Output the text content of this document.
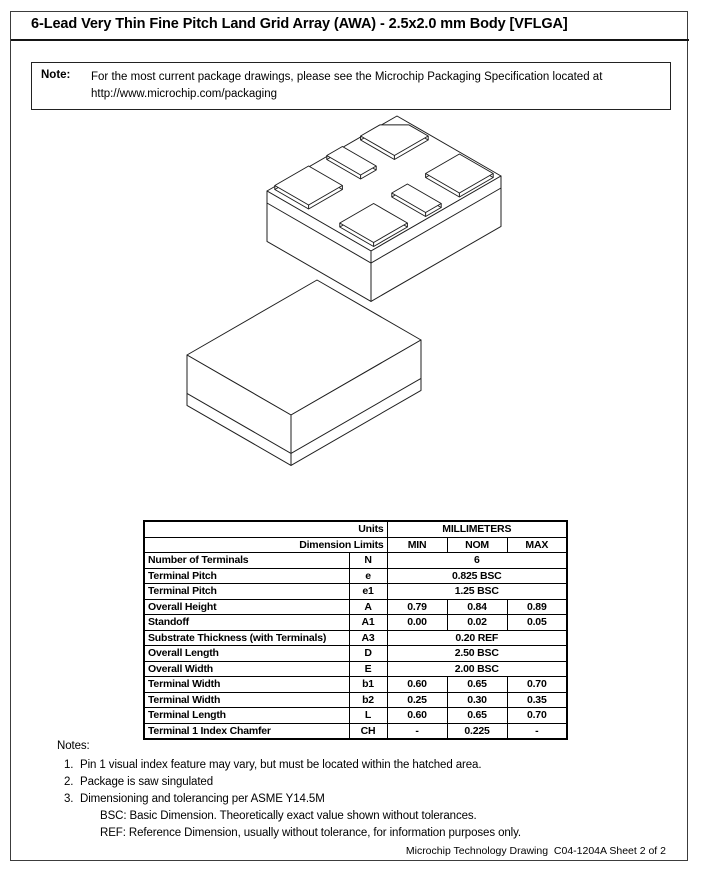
6-Lead Very Thin Fine Pitch Land Grid Array (AWA) - 2.5x2.0 mm Body [VFLGA]
Note:	For the most current package drawings, please see the Microchip Packaging Specification located at
http://www.microchip.com/packaging
Units		MILLIMETERS		
Dimension Limits		MIN	NOM	MAX
Number of Terminals	N	6		
Terminal Pitch	e	0.825 BSC		
Terminal Pitch	e1	1.25 BSC		
Overall Height	A	0.79	0.84	0.89
Standoff	A1	0.00	0.02	0.05
Substrate Thickness (with Terminals)	A3	0.20 REF		
Overall Length	D	2.50 BSC		
Overall Width	E	2.00 BSC		
Terminal Width	b1	0.60	0.65	0.70
Terminal Width	b2	0.25	0.30	0.35
Terminal Length	L	0.60	0.65	0.70
Terminal 1 Index Chamfer	CH	-	0.225	-
Notes:
1. Pin 1 visual index feature may vary, but must be located within the hatched area.
2. Package is saw singulated
3. Dimensioning and tolerancing per ASME Y14.5M
BSC: Basic Dimension. Theoretically exact value shown without tolerances.
REF: Reference Dimension, usually without tolerance, for information purposes only.
Microchip Technology Drawing  C04-1204A Sheet 2 of 2
